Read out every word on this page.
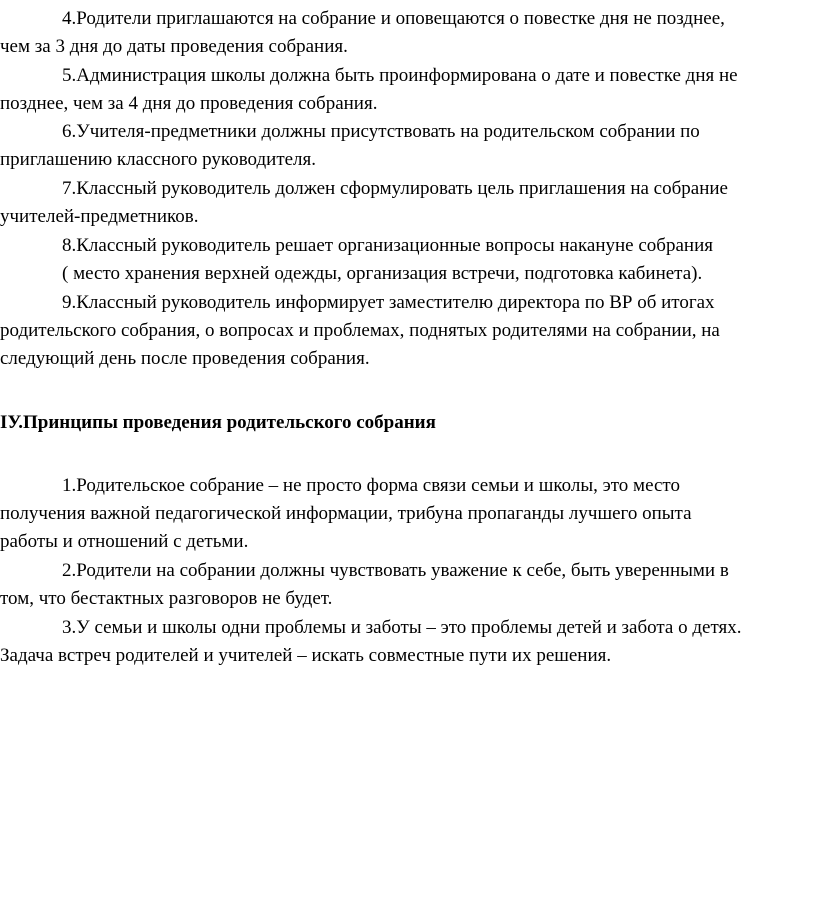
4.Родители приглашаются на собрание и оповещаются о повестке дня не позднее,
чем за 3 дня до даты проведения собрания.
5.Администрация школы должна быть проинформирована о дате и повестке дня не
позднее, чем за 4 дня до проведения собрания.
6.Учителя-предметники должны присутствовать на родительском собрании по
приглашению классного руководителя.
7.Классный руководитель должен сформулировать цель приглашения на собрание
учителей-предметников.
8.Классный руководитель решает организационные вопросы накануне собрания
( место хранения верхней одежды, организация встречи, подготовка кабинета).
9.Классный руководитель информирует заместителю директора по ВР об итогах
родительского собрания, о вопросах и проблемах, поднятых родителями на собрании, на
следующий день после проведения собрания.
IУ.Принципы проведения родительского собрания
1.Родительское собрание – не просто форма связи семьи и школы, это место
получения важной педагогической информации, трибуна пропаганды лучшего опыта
работы и отношений с детьми.
2.Родители на собрании должны чувствовать уважение к себе, быть уверенными в
том, что бестактных разговоров не будет.
3.У семьи и школы одни проблемы и заботы – это проблемы детей и забота о детях.
Задача встреч родителей и учителей – искать совместные пути их решения.
